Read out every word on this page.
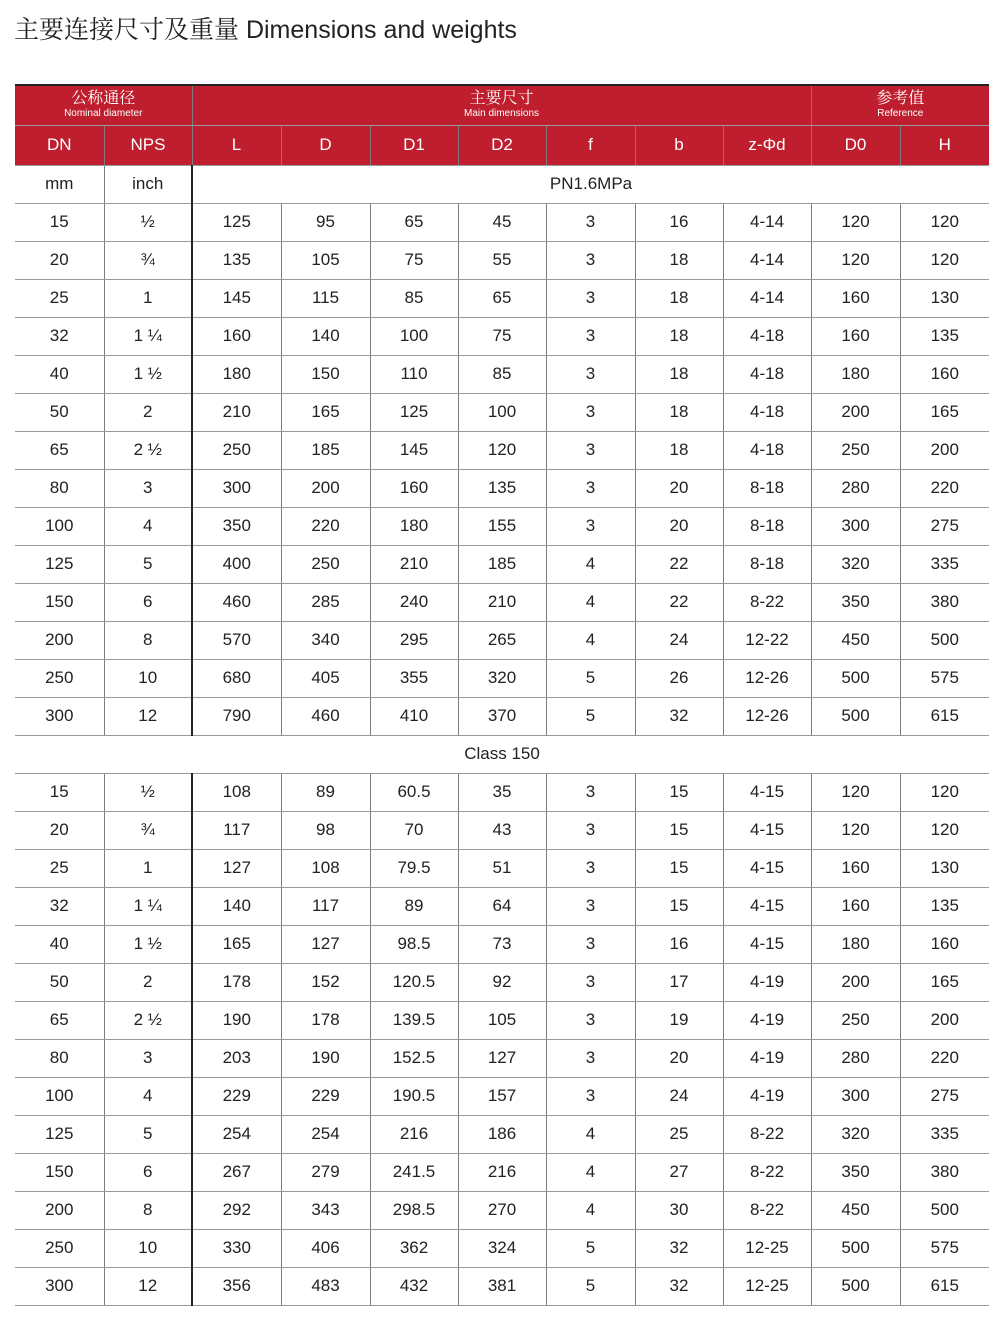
主要连接尺寸及重量 Dimensions and weights
公称通径
Nominal diameter		主要尺寸
Main dimensions							参考值
Reference	

DN	NPS	L	D	D1	D2	f	b	z-Φd	D0	H
mm	inch	PN1.6MPa								
15	½	125	95	65	45	3	16	4-14	120	120
20	¾	135	105	75	55	3	18	4-14	120	120
25	1	145	115	85	65	3	18	4-14	160	130
32	1 ¼	160	140	100	75	3	18	4-18	160	135
40	1 ½	180	150	110	85	3	18	4-18	180	160
50	2	210	165	125	100	3	18	4-18	200	165
65	2 ½	250	185	145	120	3	18	4-18	250	200
80	3	300	200	160	135	3	20	8-18	280	220
100	4	350	220	180	155	3	20	8-18	300	275
125	5	400	250	210	185	4	22	8-18	320	335
150	6	460	285	240	210	4	22	8-22	350	380
200	8	570	340	295	265	4	24	12-22	450	500
250	10	680	405	355	320	5	26	12-26	500	575
300	12	790	460	410	370	5	32	12-26	500	615
Class 150										
15	½	108	89	60.5	35	3	15	4-15	120	120
20	¾	117	98	70	43	3	15	4-15	120	120
25	1	127	108	79.5	51	3	15	4-15	160	130
32	1 ¼	140	117	89	64	3	15	4-15	160	135
40	1 ½	165	127	98.5	73	3	16	4-15	180	160
50	2	178	152	120.5	92	3	17	4-19	200	165
65	2 ½	190	178	139.5	105	3	19	4-19	250	200
80	3	203	190	152.5	127	3	20	4-19	280	220
100	4	229	229	190.5	157	3	24	4-19	300	275
125	5	254	254	216	186	4	25	8-22	320	335
150	6	267	279	241.5	216	4	27	8-22	350	380
200	8	292	343	298.5	270	4	30	8-22	450	500
250	10	330	406	362	324	5	32	12-25	500	575
300	12	356	483	432	381	5	32	12-25	500	615
